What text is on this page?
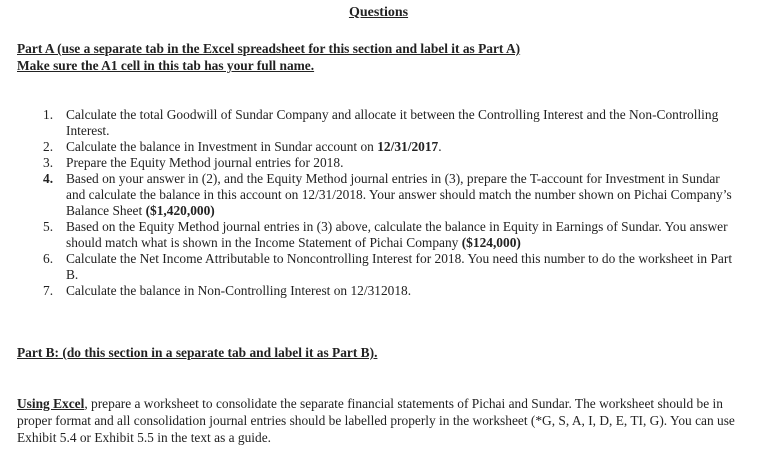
Questions
Part A (use a separate tab in the Excel spreadsheet for this section and label it as Part A)
Make sure the A1 cell in this tab has your full name.
1. Calculate the total Goodwill of Sundar Company and allocate it between the Controlling Interest and the Non-Controlling Interest.
2. Calculate the balance in Investment in Sundar account on 12/31/2017.
3. Prepare the Equity Method journal entries for 2018.
4. Based on your answer in (2), and the Equity Method journal entries in (3), prepare the T-account for Investment in Sundar and calculate the balance in this account on 12/31/2018. Your answer should match the number shown on Pichai Company’s Balance Sheet ($1,420,000)
5. Based on the Equity Method journal entries in (3) above, calculate the balance in Equity in Earnings of Sundar. You answer should match what is shown in the Income Statement of Pichai Company ($124,000)
6. Calculate the Net Income Attributable to Noncontrolling Interest for 2018. You need this number to do the worksheet in Part B.
7. Calculate the balance in Non-Controlling Interest on 12/312018.
Part B: (do this section in a separate tab and label it as Part B).
Using Excel, prepare a worksheet to consolidate the separate financial statements of Pichai and Sundar. The worksheet should be in proper format and all consolidation journal entries should be labelled properly in the worksheet (*G, S, A, I, D, E, TI, G). You can use Exhibit 5.4 or Exhibit 5.5 in the text as a guide.
